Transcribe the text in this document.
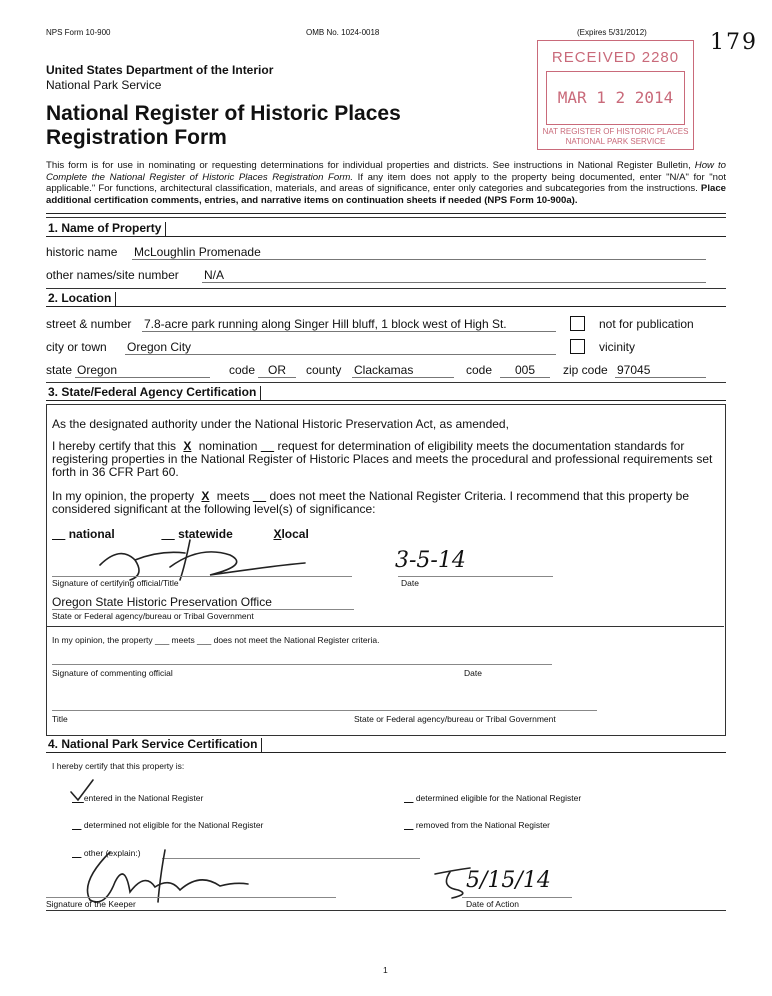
NPS Form 10-900	OMB No. 1024-0018	(Expires 5/31/2012)	179
United States Department of the Interior
National Park Service
National Register of Historic Places
Registration Form
RECEIVED 2280
MAR 1 2 2014
NAT REGISTER OF HISTORIC PLACES
NATIONAL PARK SERVICE
This form is for use in nominating or requesting determinations for individual properties and districts. See instructions in National Register Bulletin, How to Complete the National Register of Historic Places Registration Form. If any item does not apply to the property being documented, enter "N/A" for "not applicable." For functions, architectural classification, materials, and areas of significance, enter only categories and subcategories from the instructions. Place additional certification comments, entries, and narrative items on continuation sheets if needed (NPS Form 10-900a).
1. Name of Property
historic name McLoughlin Promenade
other names/site number N/A
2. Location
street & number 7.8-acre park running along Singer Hill bluff, 1 block west of High St.	not for publication
city or town Oregon City	vicinity
state Oregon	code	OR	county Clackamas	code	005	zip code 97045
3. State/Federal Agency Certification
As the designated authority under the National Historic Preservation Act, as amended,
I hereby certify that this X nomination      request for determination of eligibility meets the documentation standards for registering properties in the National Register of Historic Places and meets the procedural and professional requirements set forth in 36 CFR Part 60.
In my opinion, the property X meets      does not meet the National Register Criteria. I recommend that this property be considered significant at the following level(s) of significance:
national	statewide	Xlocal
3-5-14
Signature of certifying official/Title	Date
Oregon State Historic Preservation Office
State or Federal agency/bureau or Tribal Government
In my opinion, the property ___ meets ___ does not meet the National Register criteria.
Signature of commenting official	Date
Title	State or Federal agency/bureau or Tribal Government
4. National Park Service Certification
I hereby certify that this property is:
entered in the National Register	determined eligible for the National Register
determined not eligible for the National Register	removed from the National Register
other (explain:)
5/15/14
Signature of the Keeper	Date of Action
1
